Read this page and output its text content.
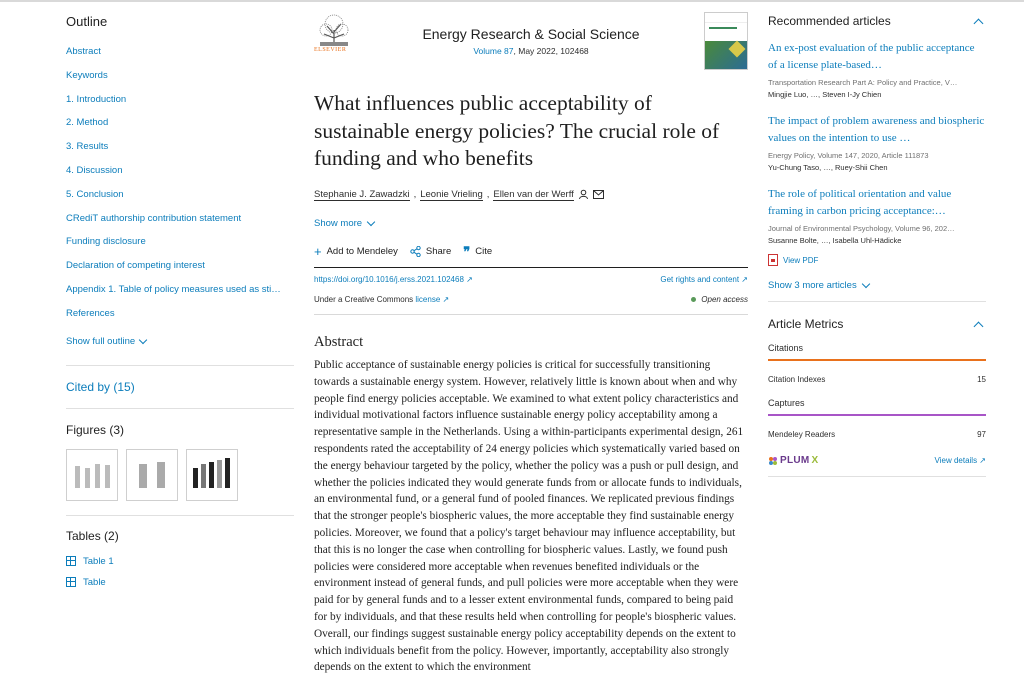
Outline
Abstract
Keywords
1. Introduction
2. Method
3. Results
4. Discussion
5. Conclusion
CRediT authorship contribution statement
Funding disclosure
Declaration of competing interest
Appendix 1. Table of policy measures used as sti…
References
Show full outline
Cited by (15)
Figures (3)
Tables (2)
Table 1
Table
ELSEVIER
Energy Research & Social Science
Volume 87, May 2022, 102468
What influences public acceptability of sustainable energy policies? The crucial role of funding and who benefits
Stephanie J. Zawadzki , Leonie Vrieling , Ellen van der Werff
Show more
+ Add to Mendeley	Share ❞ Cite
https://doi.org/10.1016/j.erss.2021.102468 ↗	Get rights and content ↗
Under a Creative Commons license ↗	Open access
Abstract
Public acceptance of sustainable energy policies is critical for successfully transitioning towards a sustainable energy system. However, relatively little is known about when and why people find energy policies acceptable. We examined to what extent policy characteristics and individual motivational factors influence sustainable energy policy acceptability among a representative sample in the Netherlands. Using a within-participants experimental design, 261 respondents rated the acceptability of 24 energy policies which systematically varied based on the energy behaviour targeted by the policy, whether the policy was a push or pull design, and whether the policies indicated they would generate funds from or allocate funds to individuals, an environmental fund, or a general fund of pooled finances. We replicated previous findings that the stronger people's biospheric values, the more acceptable they find sustainable energy policies. Moreover, we found that a policy's target behaviour may influence acceptability, but that this is no longer the case when controlling for biospheric values. Lastly, we found push policies were considered more acceptable when revenues benefited individuals or the environment instead of general funds, and pull policies were more acceptable when they were paid for by general funds and to a lesser extent environmental funds, compared to being paid for by individuals, and that these results held when controlling for people's biospheric values. Overall, our findings suggest sustainable energy policy acceptability depends on the extent to which individuals benefit from the policy. However, importantly, acceptability also strongly depends on the extent to which the environment
Recommended articles
An ex-post evaluation of the public acceptance of a license plate-based…
Transportation Research Part A: Policy and Practice, V…
Mingjie Luo, …, Steven I-Jy Chien
The impact of problem awareness and biospheric values on the intention to use …
Energy Policy, Volume 147, 2020, Article 111873
Yu-Chung Taso, …, Ruey-Shii Chen
The role of political orientation and value framing in carbon pricing acceptance:…
Journal of Environmental Psychology, Volume 96, 202…
Susanne Bolte, …, Isabella Uhl-Hädicke
View PDF
Show 3 more articles
Article Metrics
Citations
Citation Indexes	15
Captures
Mendeley Readers	97
PLUM X	View details ↗
